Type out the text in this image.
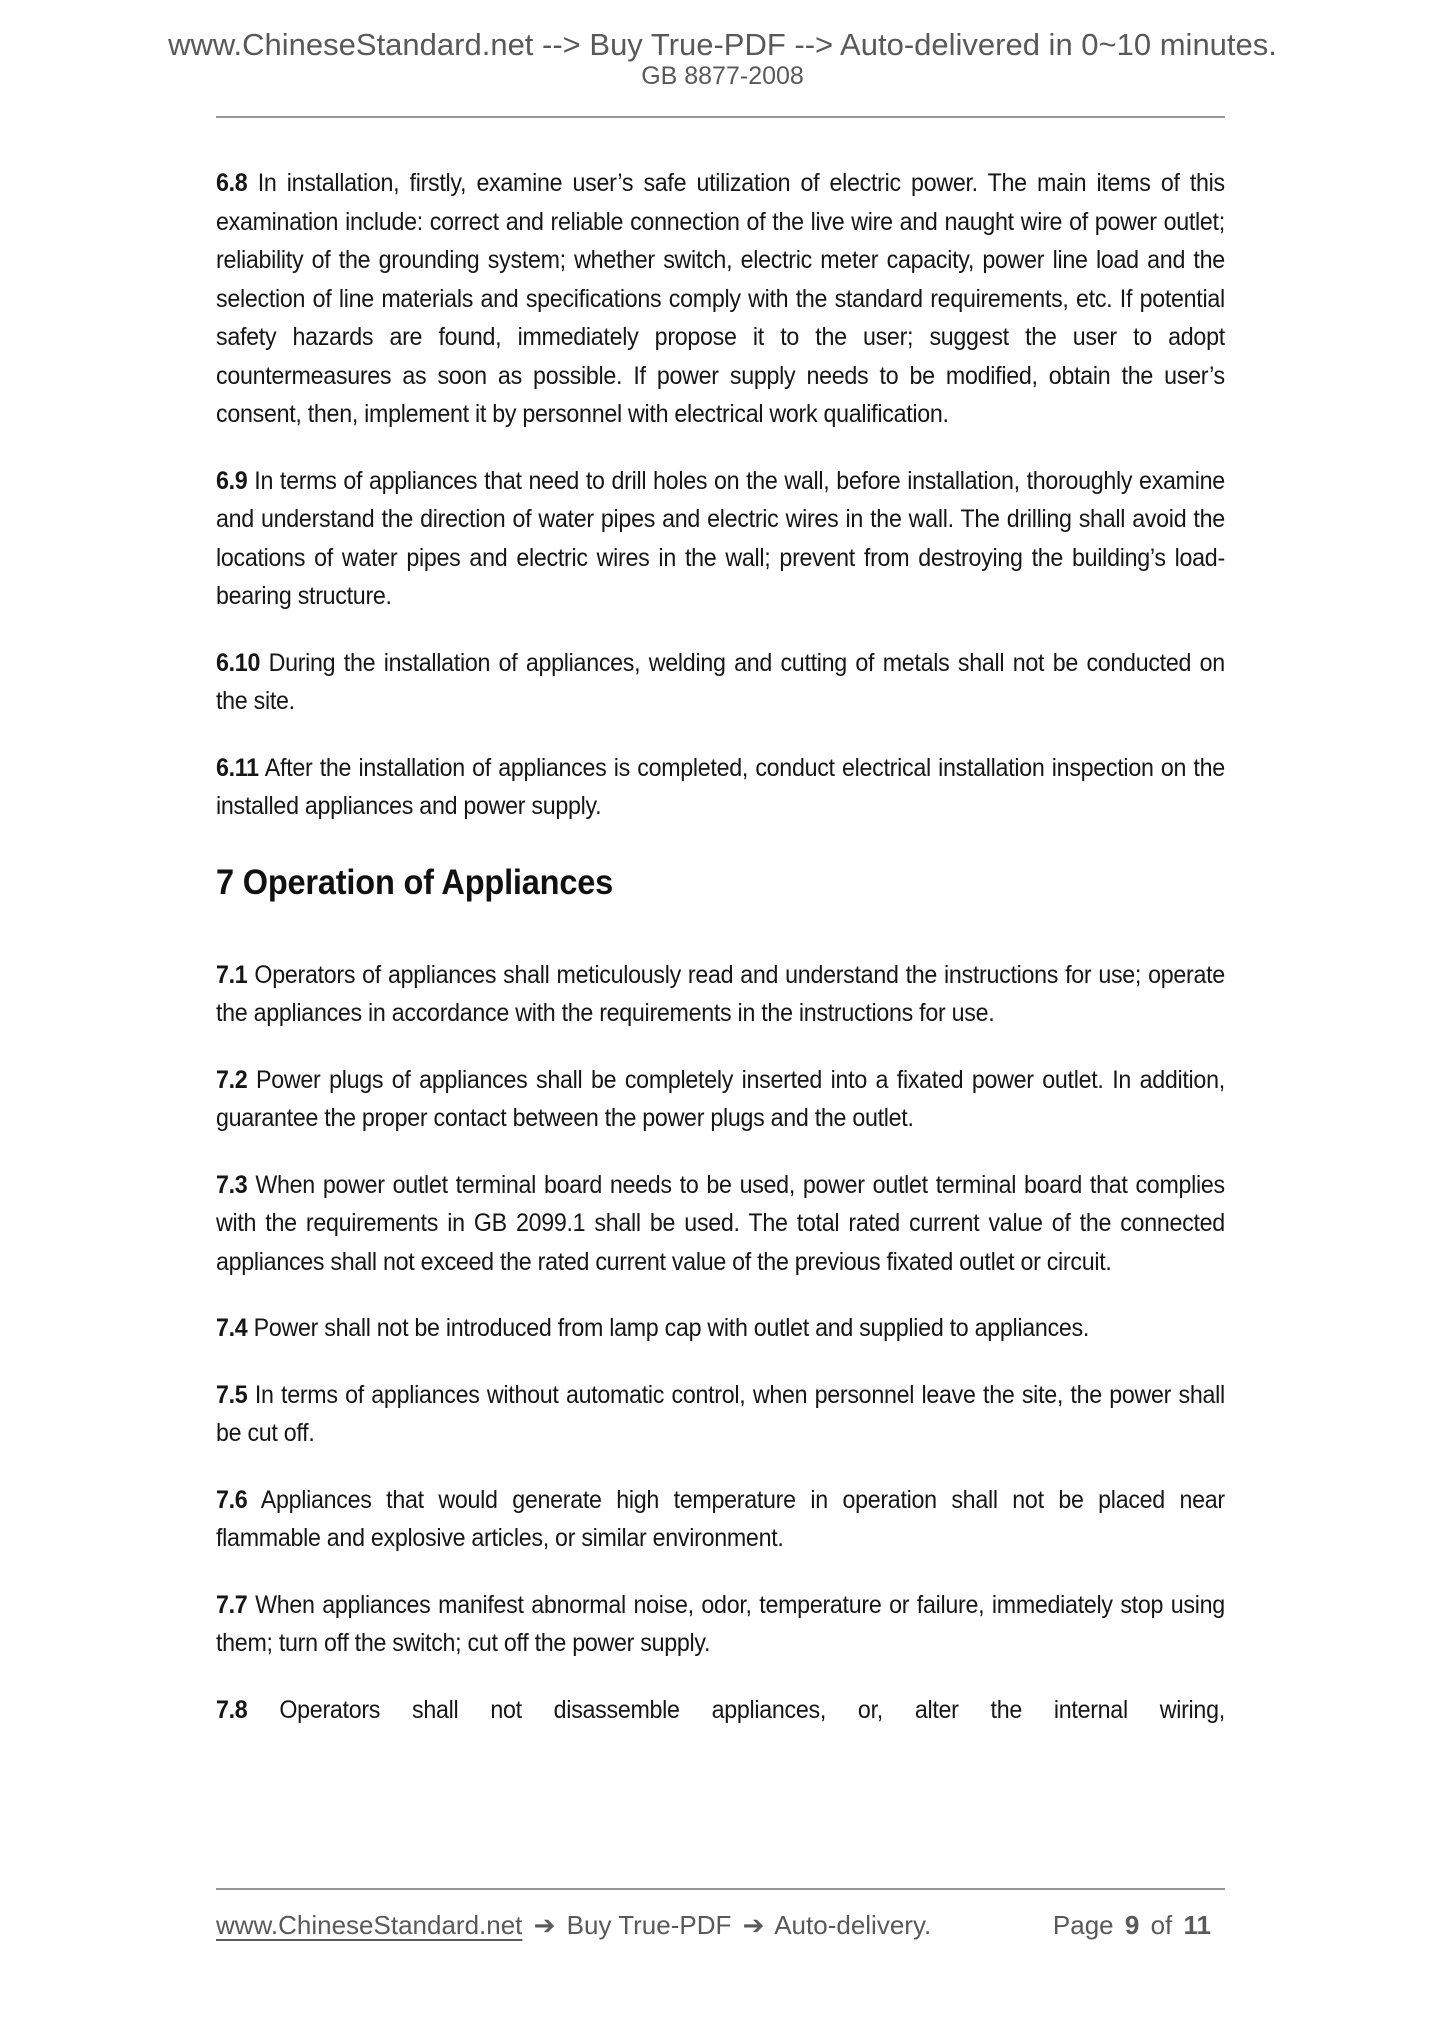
www.ChineseStandard.net --> Buy True-PDF --> Auto-delivered in 0~10 minutes.
GB 8877-2008

6.8 In installation, firstly, examine user’s safe utilization of electric power. The main items of this examination include: correct and reliable connection of the live wire and naught wire of power outlet; reliability of the grounding system; whether switch, electric meter capacity, power line load and the selection of line materials and specifications comply with the standard requirements, etc. If potential safety hazards are found, immediately propose it to the user; suggest the user to adopt countermeasures as soon as possible. If power supply needs to be modified, obtain the user’s consent, then, implement it by personnel with electrical work qualification.

6.9 In terms of appliances that need to drill holes on the wall, before installation, thoroughly examine and understand the direction of water pipes and electric wires in the wall. The drilling shall avoid the locations of water pipes and electric wires in the wall; prevent from destroying the building’s load-bearing structure.

6.10 During the installation of appliances, welding and cutting of metals shall not be conducted on the site.

6.11 After the installation of appliances is completed, conduct electrical installation inspection on the installed appliances and power supply.

7 Operation of Appliances

7.1 Operators of appliances shall meticulously read and understand the instructions for use; operate the appliances in accordance with the requirements in the instructions for use.

7.2 Power plugs of appliances shall be completely inserted into a fixated power outlet. In addition, guarantee the proper contact between the power plugs and the outlet.

7.3 When power outlet terminal board needs to be used, power outlet terminal board that complies with the requirements in GB 2099.1 shall be used. The total rated current value of the connected appliances shall not exceed the rated current value of the previous fixated outlet or circuit.

7.4 Power shall not be introduced from lamp cap with outlet and supplied to appliances.

7.5 In terms of appliances without automatic control, when personnel leave the site, the power shall be cut off.

7.6 Appliances that would generate high temperature in operation shall not be placed near flammable and explosive articles, or similar environment.

7.7 When appliances manifest abnormal noise, odor, temperature or failure, immediately stop using them; turn off the switch; cut off the power supply.

7.8 Operators shall not disassemble appliances, or, alter the internal wiring,

www.ChineseStandard.net ➔ Buy True-PDF ➔ Auto-delivery.	Page 9 of 11
